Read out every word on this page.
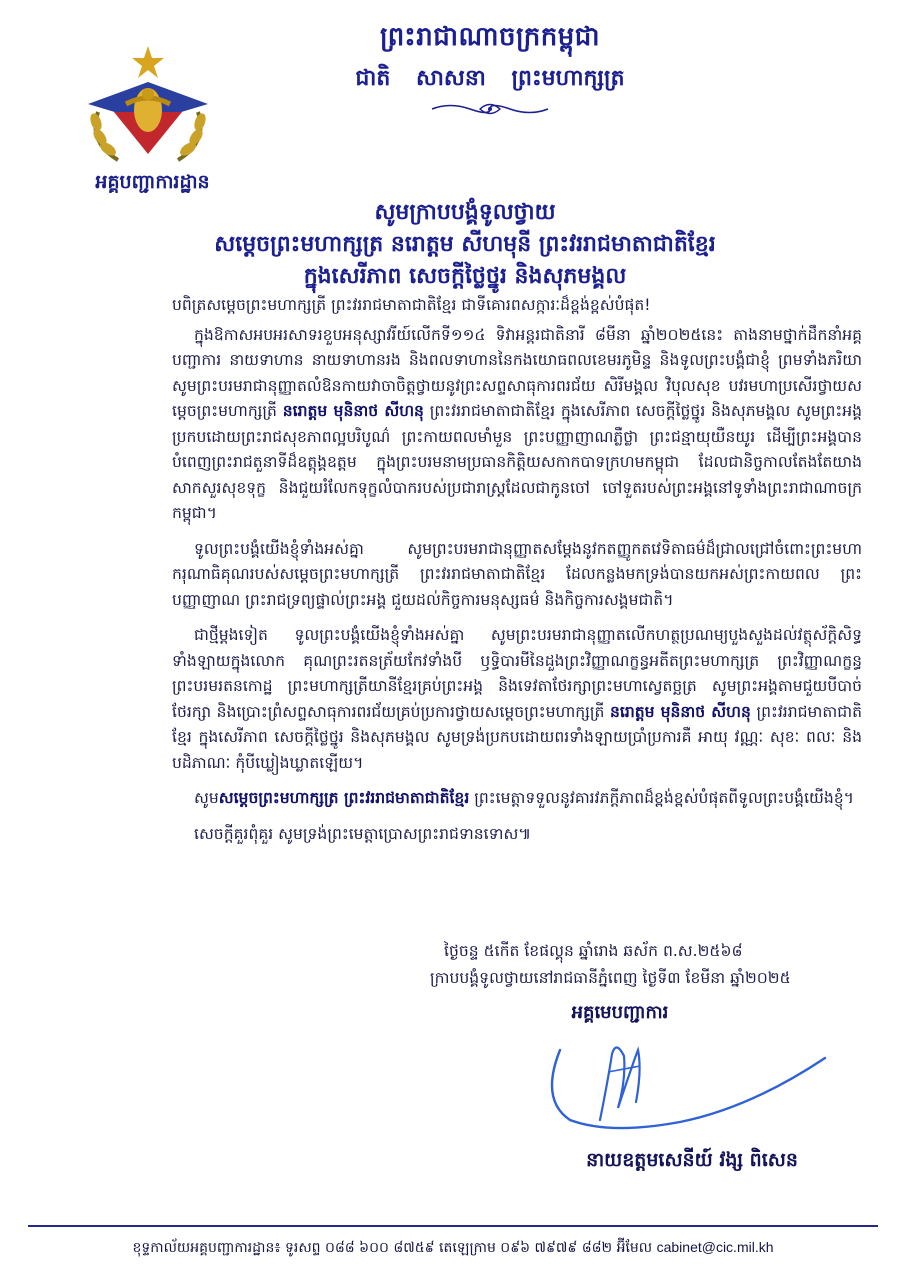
អគ្គបញ្ជាការដ្ឋាន
ព្រះរាជាណាចក្រកម្ពុជា
ជាតិ សាសនា ព្រះមហាក្សត្រ
សូមក្រាបបង្គំទូលថ្វាយ
សម្តេចព្រះមហាក្សត្រ នរោត្តម សីហមុនី ព្រះវររាជមាតាជាតិខ្មែរ
ក្នុងសេរីភាព សេចក្តីថ្លៃថ្នូរ និងសុភមង្គល
បពិត្រសម្តេចព្រះមហាក្សត្រី ព្រះវររាជមាតាជាតិខ្មែរ ជាទីគោរពសក្ការៈដ៏ខ្ពង់ខ្ពស់បំផុត!

ក្នុងឱកាសអបអរសាទរខួបអនុស្សាវរីយ៍លើកទី១១៤ ទិវាអន្តរជាតិនារី ៨មីនា ឆ្នាំ២០២៥នេះ តាងនាមថ្នាក់ដឹកនាំអគ្គបញ្ជាការ នាយទាហាន នាយទាហានរង និងពលទាហាននៃកងយោធពលខេមរភូមិន្ទ និងទូលព្រះបង្គំជាខ្ញុំ ព្រមទាំងភរិយា សូមព្រះបរមរាជានុញ្ញាតលំឱនកាយវាចាចិត្តថ្វាយនូវព្រះសព្ទសាធុការពរជ័យ សិរីមង្គល វិបុលសុខ បវរមហាប្រសើរថ្វាយសម្តេចព្រះមហាក្សត្រី នរោត្តម មុនិនាថ សីហនុ ព្រះវររាជមាតាជាតិខ្មែរ ក្នុងសេរីភាព សេចក្តីថ្លៃថ្នូរ និងសុភមង្គល សូមព្រះអង្គប្រកបដោយព្រះរាជសុខភាពល្អបរិបូណ៌ ព្រះកាយពលមាំមួន ព្រះបញ្ញាញាណភ្លឺថ្លា ព្រះជន្មាយុយឺនយូរ ដើម្បីព្រះអង្គបានបំពេញព្រះរាជតួនាទីដ៏ឧត្តុង្គឧត្តម ក្នុងព្រះបរមនាមប្រធានកិត្តិយសកាកបាទក្រហមកម្ពុជា ដែលជានិច្ចកាលតែងតែយាងសាកសួរសុខទុក្ខ និងជួយរំលែកទុក្ខលំបាករបស់ប្រជារាស្ត្រដែលជាកូនចៅ ចៅទួតរបស់ព្រះអង្គនៅទូទាំងព្រះរាជាណាចក្រកម្ពុជា។

ទូលព្រះបង្គំយើងខ្ញុំទាំងអស់គ្នា សូមព្រះបរមរាជានុញ្ញាតសម្តែងនូវកតញ្ញូកតវេទិតាធម៌ដ៏ជ្រាលជ្រៅចំពោះព្រះមហាករុណាធិគុណរបស់សម្តេចព្រះមហាក្សត្រី ព្រះវររាជមាតាជាតិខ្មែរ ដែលកន្លងមកទ្រង់បានយកអស់ព្រះកាយពល ព្រះបញ្ញាញាណ ព្រះរាជទ្រព្យផ្ទាល់ព្រះអង្គ ជួយដល់កិច្ចការមនុស្សធម៌ និងកិច្ចការសង្គមជាតិ។

ជាថ្មីម្តងទៀត ទូលព្រះបង្គំយើងខ្ញុំទាំងអស់គ្នា សូមព្រះបរមរាជានុញ្ញាតលើកហត្ថប្រណម្យបួងសួងដល់វត្ថុស័ក្តិសិទ្ធទាំងឡាយក្នុងលោក គុណព្រះរតនត្រ័យកែវទាំងបី ឫទ្ធិបារមីនៃដួងព្រះវិញ្ញាណក្ខន្ធអតីតព្រះមហាក្សត្រ ព្រះវិញ្ញាណក្ខន្ធព្រះបរមរតនកោដ្ឋ ព្រះមហាក្សត្រីយានីខ្មែរគ្រប់ព្រះអង្គ និងទេវតាថែរក្សាព្រះមហាស្វេតច្ឆត្រ សូមព្រះអង្គតាមជួយបីបាច់ថែរក្សា និងប្រោះព្រំសព្ទសាធុការពរជ័យគ្រប់ប្រការថ្វាយសម្តេចព្រះមហាក្សត្រី នរោត្តម មុនិនាថ សីហនុ ព្រះវររាជមាតាជាតិខ្មែរ ក្នុងសេរីភាព សេចក្តីថ្លៃថ្នូរ និងសុភមង្គល សូមទ្រង់ប្រកបដោយពរទាំងឡាយប្រាំប្រការគឺ អាយុ វណ្ណៈ សុខៈ ពលៈ និងបដិភាណៈ កុំបីឃ្លៀងឃ្លាតឡើយ។

សូមសម្តេចព្រះមហាក្សត្រ ព្រះវររាជមាតាជាតិខ្មែរ ព្រះមេត្តាទទួលនូវគារវភក្តីភាពដ៏ខ្ពង់ខ្ពស់បំផុតពីទូលព្រះបង្គំយើងខ្ញុំ។

សេចក្តីគួរពុំគួរ សូមទ្រង់ព្រះមេត្តាប្រោសព្រះរាជទានទោស៕

ថ្ងៃចន្ទ ៥កើត ខែផល្គុន ឆ្នាំរោង ឆស័ក ព.ស.២៥៦៨
ក្រាបបង្គំទូលថ្វាយនៅរាជធានីភ្នំពេញ ថ្ងៃទី៣ ខែមីនា ឆ្នាំ២០២៥
អគ្គមេបញ្ជាការ
នាយឧត្តមសេនីយ៍ វង្ស ពិសេន
ខុទ្ទកាល័យអគ្គបញ្ជាការដ្ឋាន៖ ទូរសព្ទ ០៨៨ ៦០០ ៨៧៥៩ តេឡេក្រាម ០៩៦ ៧៩៧៩ ៨៨២ អ៊ីមែល cabinet@cic.mil.kh
